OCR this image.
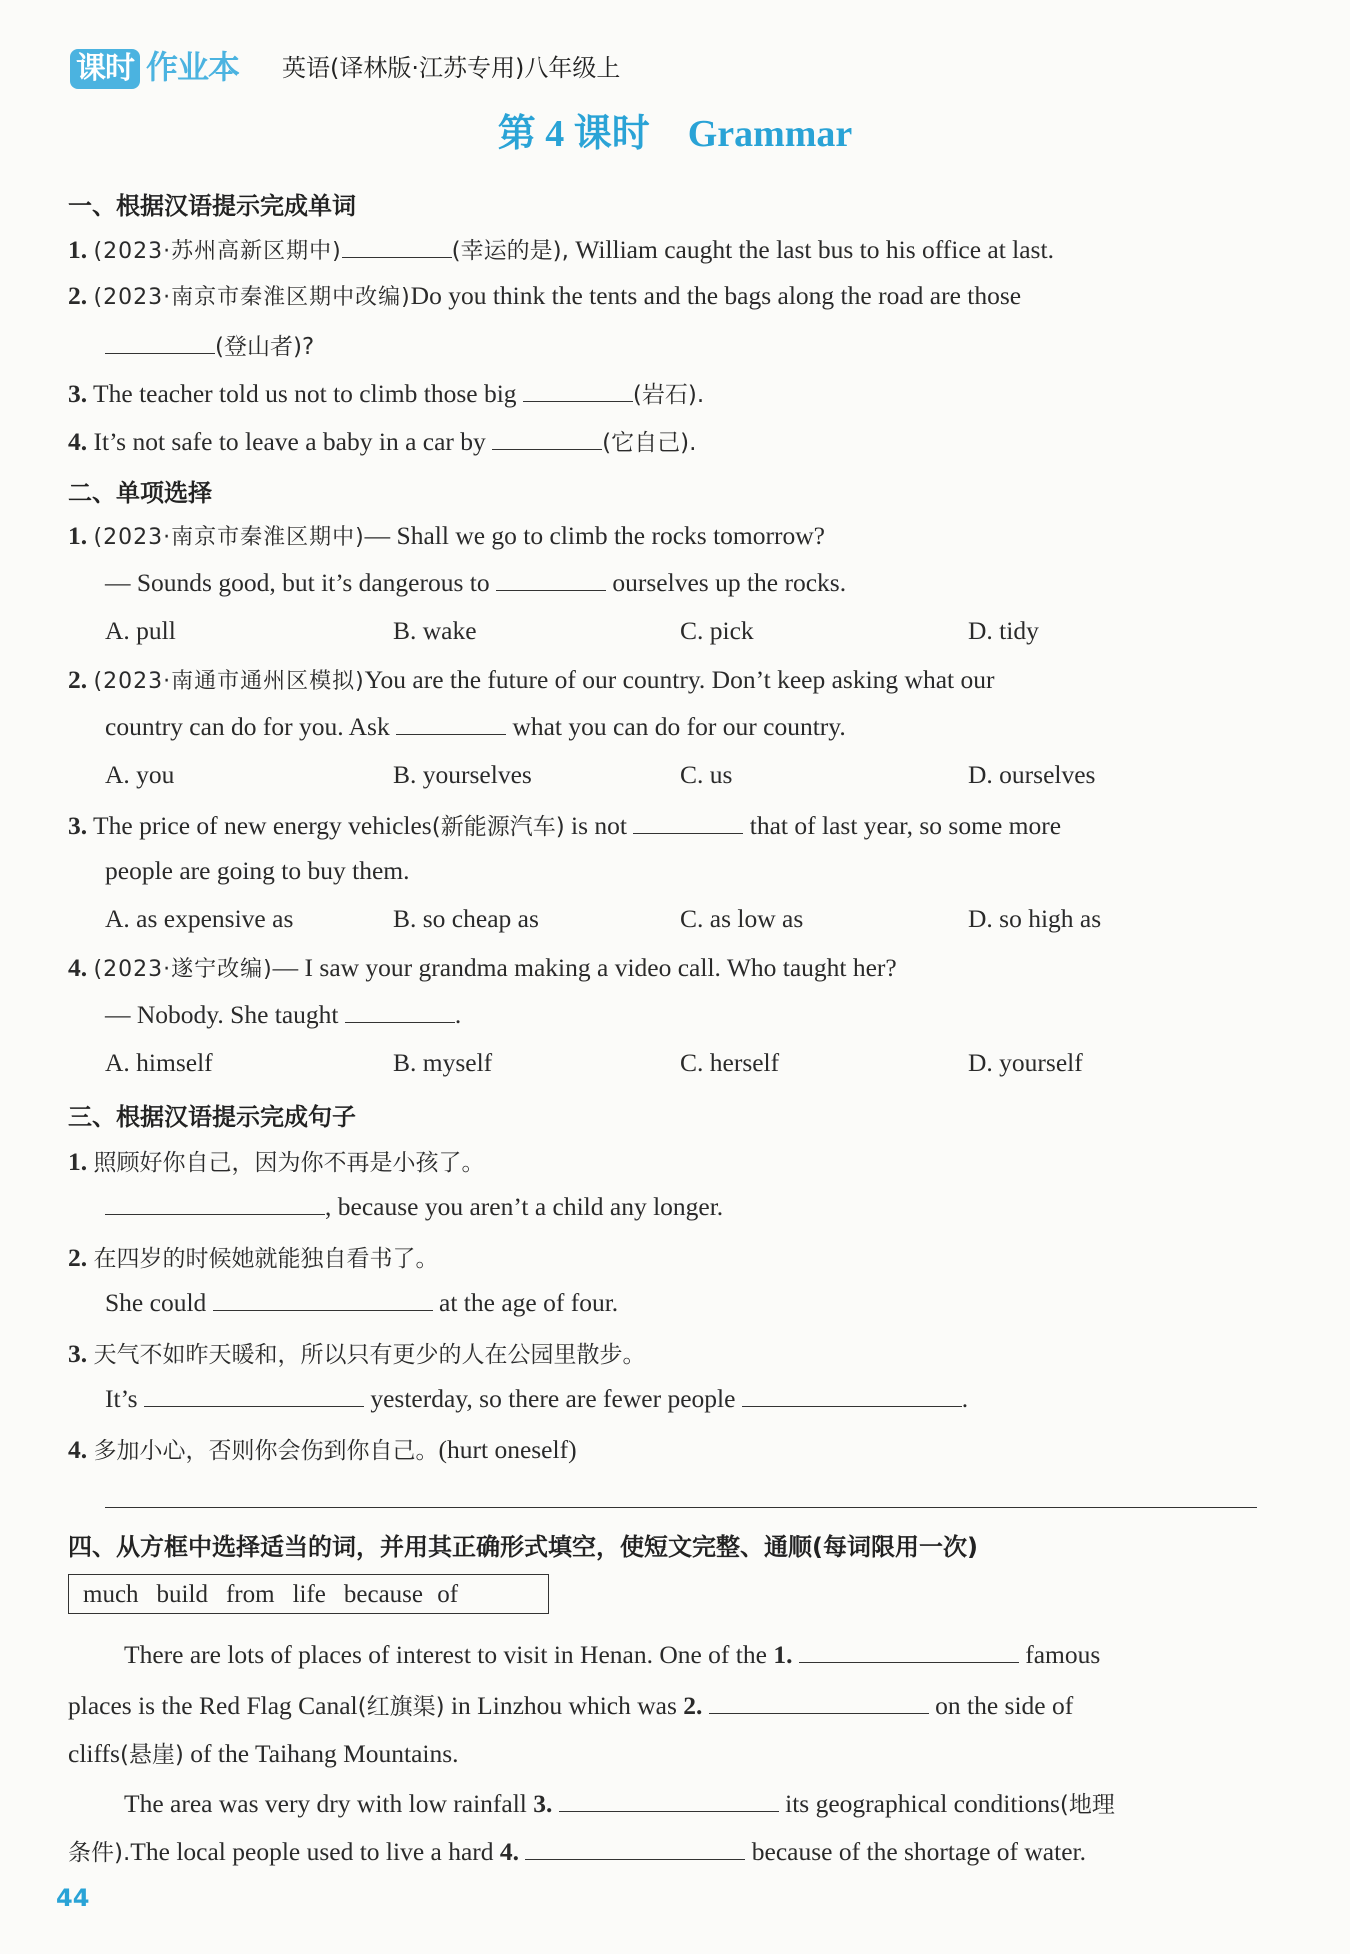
课时 作业本 英语(译林版·江苏专用)八年级上
第 4 课时　Grammar
一、根据汉语提示完成单词
1. (2023·苏州高新区期中)	(幸运的是), William caught the last bus to his office at last.
2. (2023·南京市秦淮区期中改编)Do you think the tents and the bags along the road are those
(登山者)?
3. The teacher told us not to climb those big	(岩石).
4. It’s not safe to leave a baby in a car by	(它自己).
二、单项选择
1. (2023·南京市秦淮区期中)— Shall we go to climb the rocks tomorrow?
— Sounds good, but it’s dangerous to	ourselves up the rocks.
A. pull	B. wake	C. pick	D. tidy
2. (2023·南通市通州区模拟)You are the future of our country. Don’t keep asking what our
country can do for you. Ask	what you can do for our country.
A. you	B. yourselves	C. us	D. ourselves
3. The price of new energy vehicles(新能源汽车) is not	that of last year, so some more
people are going to buy them.
A. as expensive as	B. so cheap as	C. as low as	D. so high as
4. (2023·遂宁改编)— I saw your grandma making a video call. Who taught her?
— Nobody. She taught	.
A. himself	B. myself	C. herself	D. yourself
三、根据汉语提示完成句子
1. 照顾好你自己，因为你不再是小孩了。
, because you aren’t a child any longer.
2. 在四岁的时候她就能独自看书了。
She could	at the age of four.
3. 天气不如昨天暖和，所以只有更少的人在公园里散步。
It’s	yesterday, so there are fewer people	.
4. 多加小心，否则你会伤到你自己。(hurt oneself)
四、从方框中选择适当的词，并用其正确形式填空，使短文完整、通顺(每词限用一次)
much build from life because of
There are lots of places of interest to visit in Henan. One of the 1.	famous
places is the Red Flag Canal(红旗渠) in Linzhou which was 2.	on the side of
cliffs(悬崖) of the Taihang Mountains.
The area was very dry with low rainfall 3.	its geographical conditions(地理
条件).The local people used to live a hard 4.	because of the shortage of water.
44
